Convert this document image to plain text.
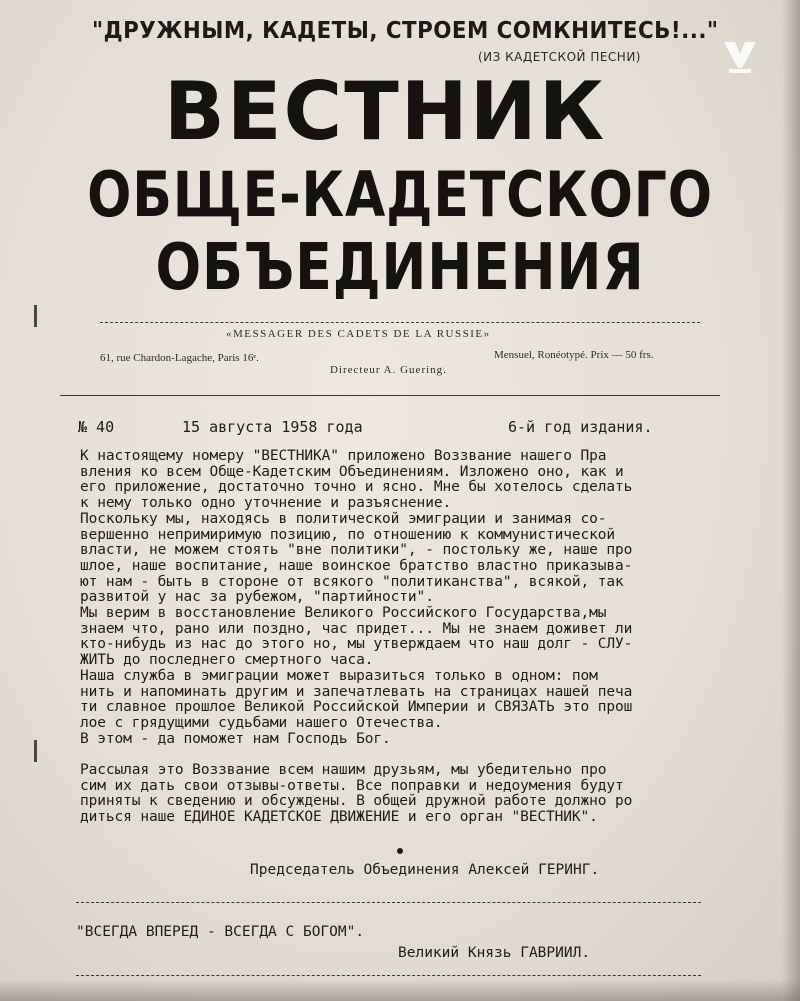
"ДРУЖНЫМ, КАДЕТЫ, СТРОЕМ СОМКНИТЕСЬ!..."
(ИЗ КАДЕТСКОЙ ПЕСНИ)
ВЕСТНИК
ОБЩЕ-КАДЕТСКОГО
ОБЪЕДИНЕНИЯ
«MESSAGER DES CADETS DE LA RUSSIE»
61, rue Chardon-Lagache, Paris 16ᵉ.
Directeur A. Guering.
Mensuel, Ronéotypé. Prix — 50 frs.
№ 40	15 августа 1958 года	6-й год издания.
К настоящему номеру "ВЕСТНИКА" приложено Воззвание нашего Пра
вления ко всем Обще-Кадетским Объединениям. Изложено оно, как и
его приложение, достаточно точно и ясно. Мне бы хотелось сделать
к нему только одно уточнение и разъяснение.
Поскольку мы, находясь в политической эмиграции и занимая со-
вершенно непримиримую позицию, по отношению к коммунистической
власти, не можем стоять "вне политики", - постольку же, наше про
шлое, наше воспитание, наше воинское братство властно приказыва-
ют нам - быть в стороне от всякого "политиканства", всякой, так
развитой у нас за рубежом, "партийности".
Мы верим в восстановление Великого Российского Государства,мы
знаем что, рано или поздно, час придет... Мы не знаем доживет ли
кто-нибудь из нас до этого но, мы утверждаем что наш долг - СЛУ-
ЖИТЬ до последнего смертного часа.
Наша служба в эмиграции может выразиться только в одном: пом
нить и напоминать другим и запечатлевать на страницах нашей печа
ти славное прошлое Великой Российской Империи и СВЯЗАТЬ это прош
лое с грядущими судьбами нашего Отечества.
В этом - да поможет нам Господь Бог.
Рассылая это Воззвание всем нашим друзьям, мы убедительно про
сим их дать свои отзывы-ответы. Все поправки и недоумения будут
приняты к сведению и обсуждены. В общей дружной работе должно ро
диться наше ЕДИНОЕ КАДЕТСКОЕ ДВИЖЕНИЕ и его орган "ВЕСТНИК".
Председатель Объединения Алексей ГЕРИНГ.
"ВСЕГДА ВПЕРЕД - ВСЕГДА С БОГОМ".
Великий Князь ГАВРИИЛ.
